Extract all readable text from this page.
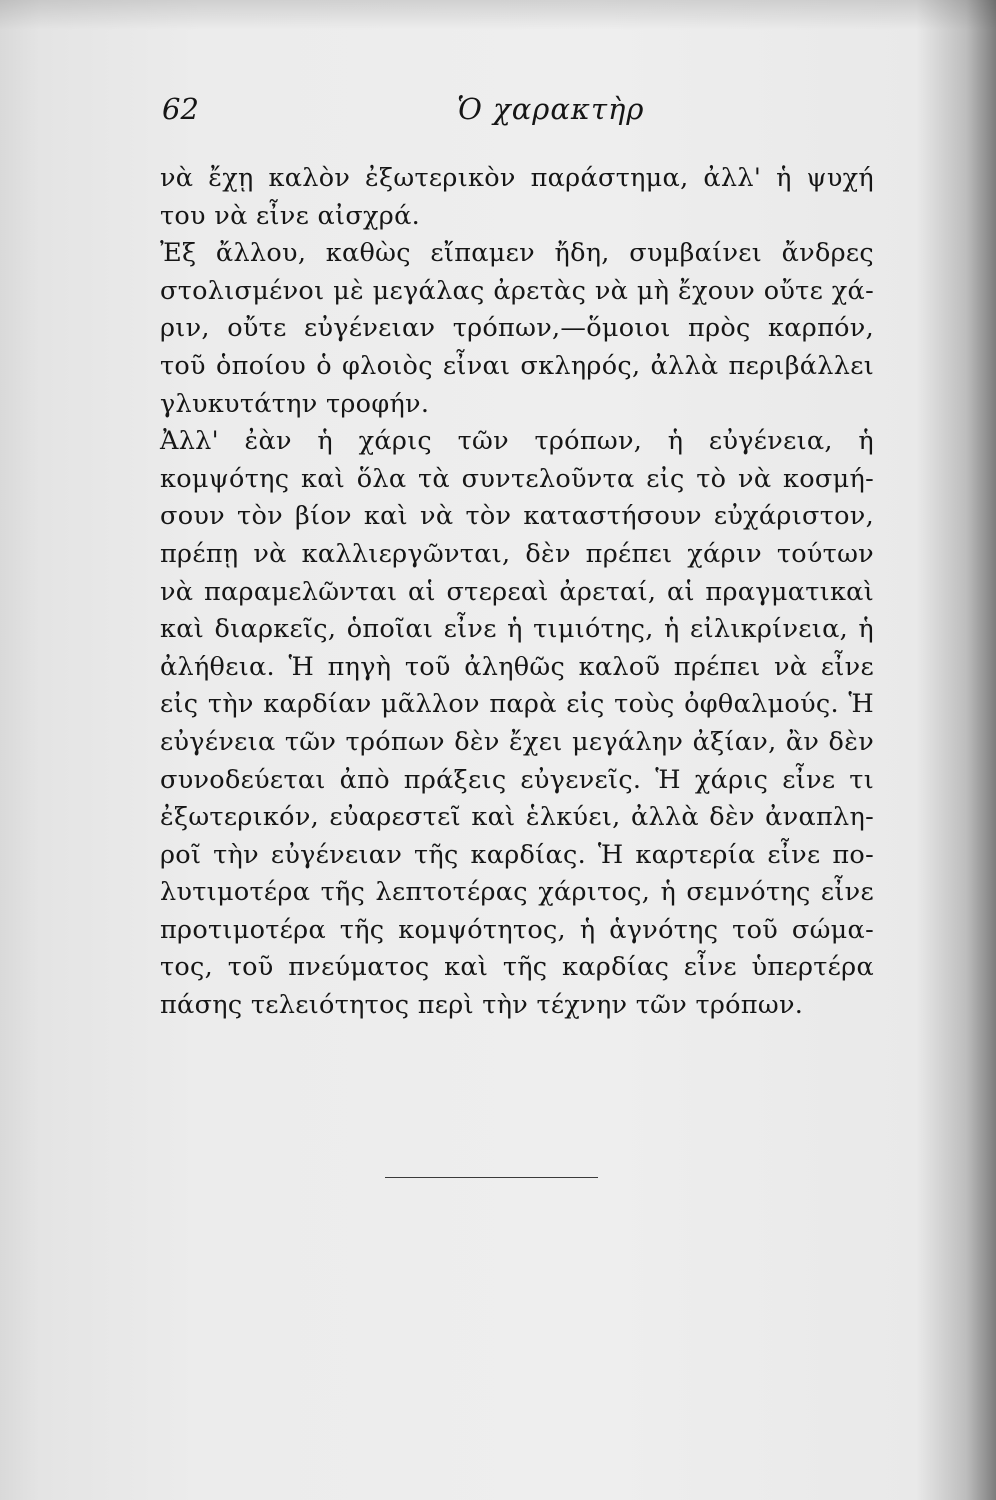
62	Ὁ χαρακτὴρ
νὰ ἔχῃ καλὸν ἐξωτερικὸν παράστημα, ἀλλ' ἡ ψυχή
του νὰ εἶνε αἰσχρά.
Ἐξ ἄλλου, καθὼς εἴπαμεν ἤδη, συμβαίνει ἄνδρες
στολισμένοι μὲ μεγάλας ἀρετὰς νὰ μὴ ἔχουν οὔτε χά-
ριν, οὔτε εὐγένειαν τρόπων,—ὅμοιοι πρὸς καρπόν,
τοῦ ὁποίου ὁ φλοιὸς εἶναι σκληρός, ἀλλὰ περιβάλλει
γλυκυτάτην τροφήν.
Ἀλλ' ἐὰν ἡ χάρις τῶν τρόπων, ἡ εὐγένεια, ἡ
κομψότης καὶ ὅλα τὰ συντελοῦντα εἰς τὸ νὰ κοσμή-
σουν τὸν βίον καὶ νὰ τὸν καταστήσουν εὐχάριστον,
πρέπῃ νὰ καλλιεργῶνται, δὲν πρέπει χάριν τούτων
νὰ παραμελῶνται αἱ στερεαὶ ἀρεταί, αἱ πραγματικαὶ
καὶ διαρκεῖς, ὁποῖαι εἶνε ἡ τιμιότης, ἡ εἰλικρίνεια, ἡ
ἀλήθεια. Ἡ πηγὴ τοῦ ἀληθῶς καλοῦ πρέπει νὰ εἶνε
εἰς τὴν καρδίαν μᾶλλον παρὰ εἰς τοὺς ὀφθαλμούς. Ἡ
εὐγένεια τῶν τρόπων δὲν ἔχει μεγάλην ἀξίαν, ἂν δὲν
συνοδεύεται ἀπὸ πράξεις εὐγενεῖς. Ἡ χάρις εἶνε τι
ἐξωτερικόν, εὐαρεστεῖ καὶ ἑλκύει, ἀλλὰ δὲν ἀναπλη-
ροῖ τὴν εὐγένειαν τῆς καρδίας. Ἡ καρτερία εἶνε πο-
λυτιμοτέρα τῆς λεπτοτέρας χάριτος, ἡ σεμνότης εἶνε
προτιμοτέρα τῆς κομψότητος, ἡ ἁγνότης τοῦ σώμα-
τος, τοῦ πνεύματος καὶ τῆς καρδίας εἶνε ὑπερτέρα
πάσης τελειότητος περὶ τὴν τέχνην τῶν τρόπων.
